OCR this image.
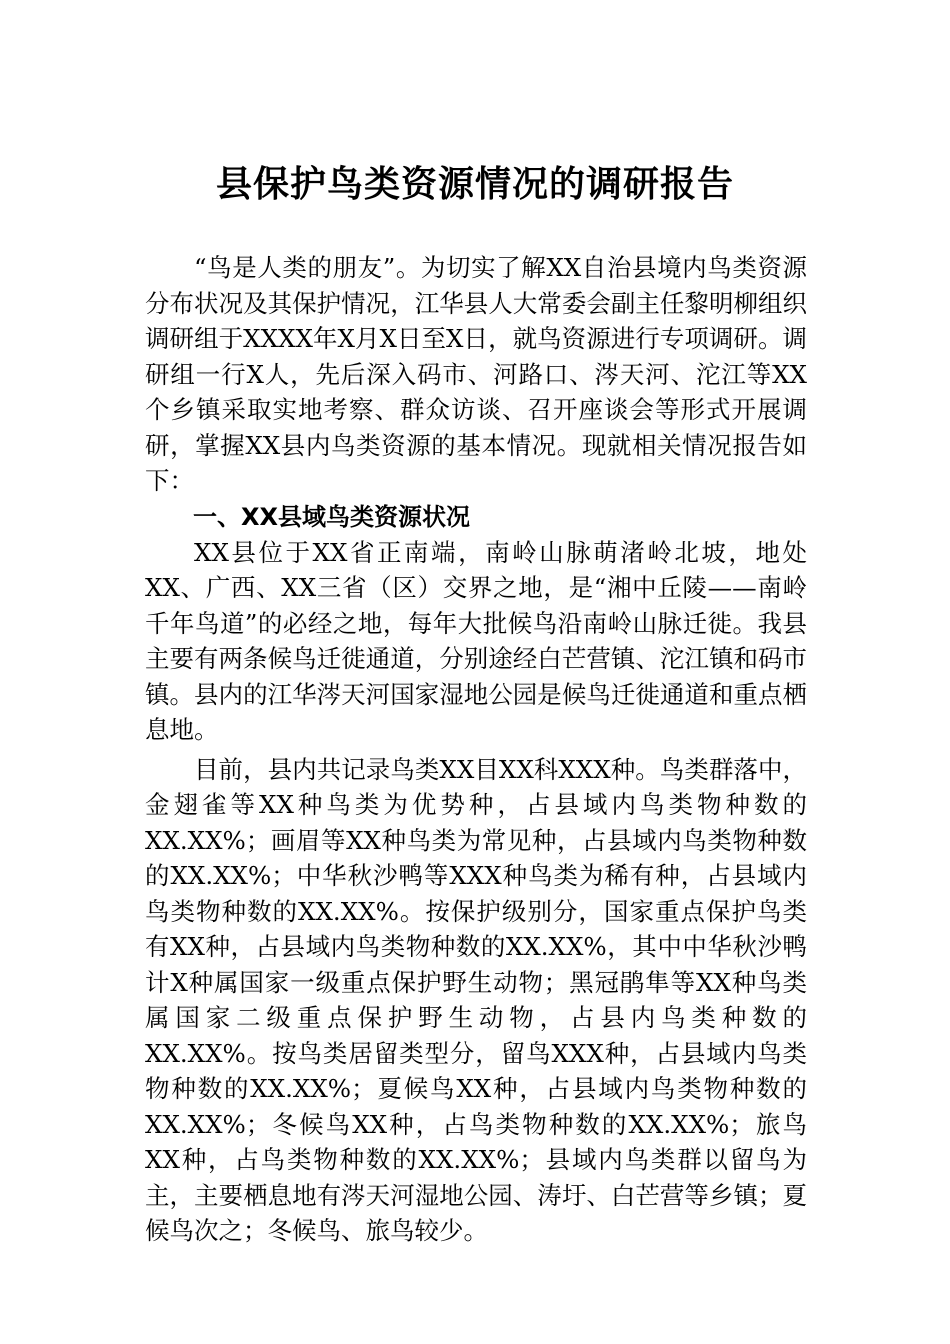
县保护鸟类资源情况的调研报告

“鸟是人类的朋友”。为切实了解XX自治县境内鸟类资源分布状况及其保护情况，江华县人大常委会副主任黎明柳组织调研组于XXXX年X月X日至X日，就鸟资源进行专项调研。调研组一行X人，先后深入码市、河路口、涔天河、沱江等XX个乡镇采取实地考察、群众访谈、召开座谈会等形式开展调研，掌握XX县内鸟类资源的基本情况。现就相关情况报告如下：

一、XX县域鸟类资源状况

XX县位于XX省正南端，南岭山脉萌渚岭北坡，地处XX、广西、XX三省（区）交界之地，是“湘中丘陵——南岭千年鸟道”的必经之地，每年大批候鸟沿南岭山脉迁徙。我县主要有两条候鸟迁徙通道，分别途经白芒营镇、沱江镇和码市镇。县内的江华涔天河国家湿地公园是候鸟迁徙通道和重点栖息地。

目前，县内共记录鸟类XX目XX科XXX种。鸟类群落中，金翅雀等XX种鸟类为优势种，占县域内鸟类物种数的XX.XX%；画眉等XX种鸟类为常见种，占县域内鸟类物种数的XX.XX%；中华秋沙鸭等XXX种鸟类为稀有种，占县域内鸟类物种数的XX.XX%。按保护级别分，国家重点保护鸟类有XX种，占县域内鸟类物种数的XX.XX%，其中中华秋沙鸭计X种属国家一级重点保护野生动物；黑冠鹃隼等XX种鸟类属国家二级重点保护野生动物，占县内鸟类种数的XX.XX%。按鸟类居留类型分，留鸟XXX种，占县域内鸟类物种数的XX.XX%；夏候鸟XX种，占县域内鸟类物种数的XX.XX%；冬候鸟XX种，占鸟类物种数的XX.XX%；旅鸟XX种，占鸟类物种数的XX.XX%；县域内鸟类群以留鸟为主，主要栖息地有涔天河湿地公园、涛圩、白芒营等乡镇；夏候鸟次之；冬候鸟、旅鸟较少。
